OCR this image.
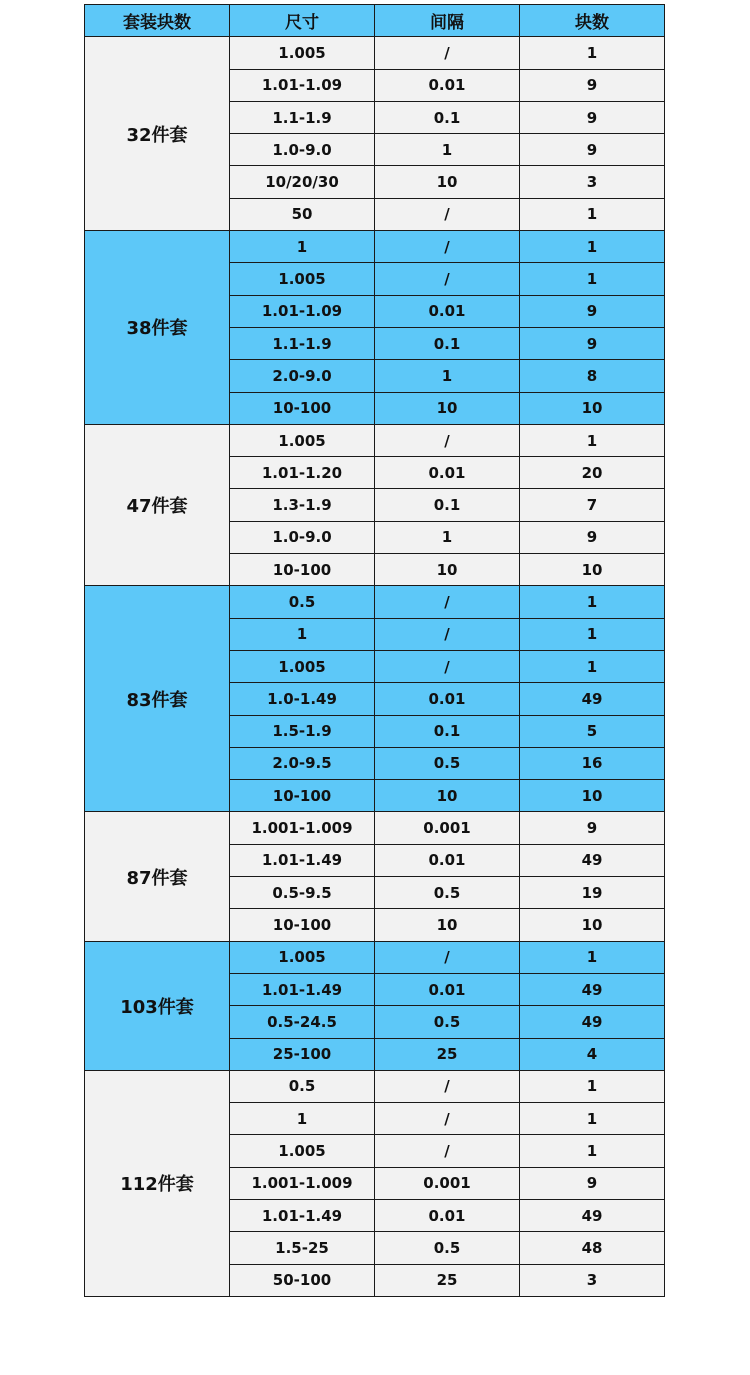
套装块数	尺寸	间隔	块数
32件套	1.005	/	1
	1.01-1.09	0.01	9
	1.1-1.9	0.1	9
	1.0-9.0	1	9
	10/20/30	10	3
	50	/	1
38件套	1	/	1
	1.005	/	1
	1.01-1.09	0.01	9
	1.1-1.9	0.1	9
	2.0-9.0	1	8
	10-100	10	10
47件套	1.005	/	1
	1.01-1.20	0.01	20
	1.3-1.9	0.1	7
	1.0-9.0	1	9
	10-100	10	10
83件套	0.5	/	1
	1	/	1
	1.005	/	1
	1.0-1.49	0.01	49
	1.5-1.9	0.1	5
	2.0-9.5	0.5	16
	10-100	10	10
87件套	1.001-1.009	0.001	9
	1.01-1.49	0.01	49
	0.5-9.5	0.5	19
	10-100	10	10
103件套	1.005	/	1
	1.01-1.49	0.01	49
	0.5-24.5	0.5	49
	25-100	25	4
112件套	0.5	/	1
	1	/	1
	1.005	/	1
	1.001-1.009	0.001	9
	1.01-1.49	0.01	49
	1.5-25	0.5	48
	50-100	25	3
